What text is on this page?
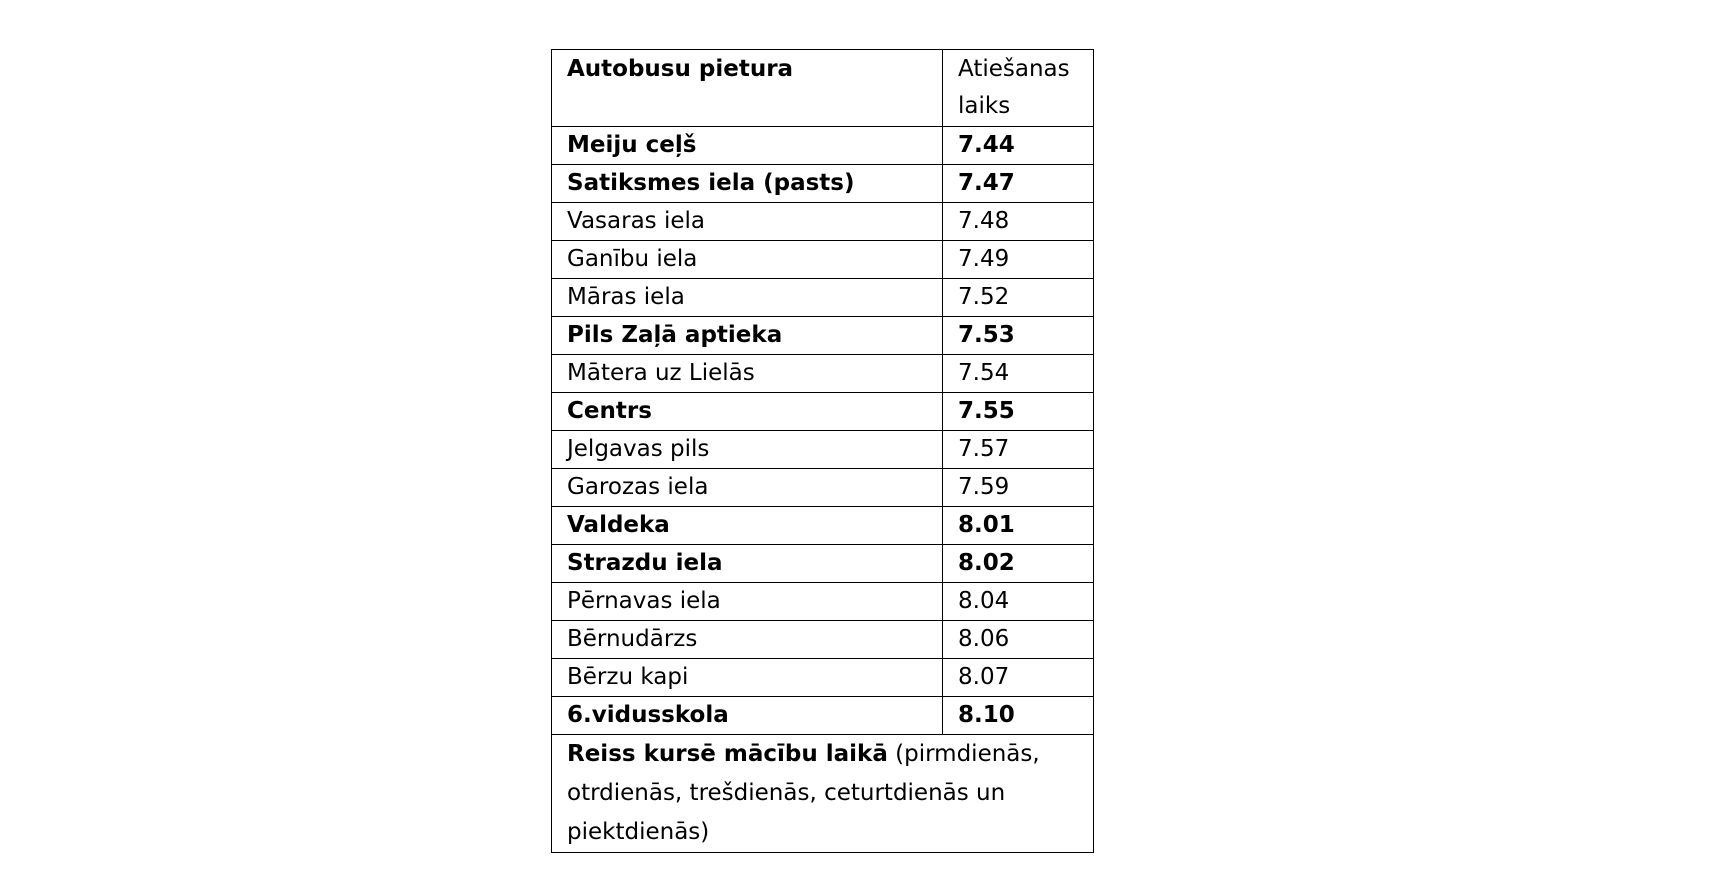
Autobusu pietura	Atiešanas laiks
Meiju ceļš	7.44
Satiksmes iela (pasts)	7.47
Vasaras iela	7.48
Ganību iela	7.49
Māras iela	7.52
Pils Zaļā aptieka	7.53
Mātera uz Lielās	7.54
Centrs	7.55
Jelgavas pils	7.57
Garozas iela	7.59
Valdeka	8.01
Strazdu iela	8.02
Pērnavas iela	8.04
Bērnudārzs	8.06
Bērzu kapi	8.07
6.vidusskola	8.10
Reiss kursē mācību laikā (pirmdienās, otrdienās, trešdienās, ceturtdienās un piektdienās)	
